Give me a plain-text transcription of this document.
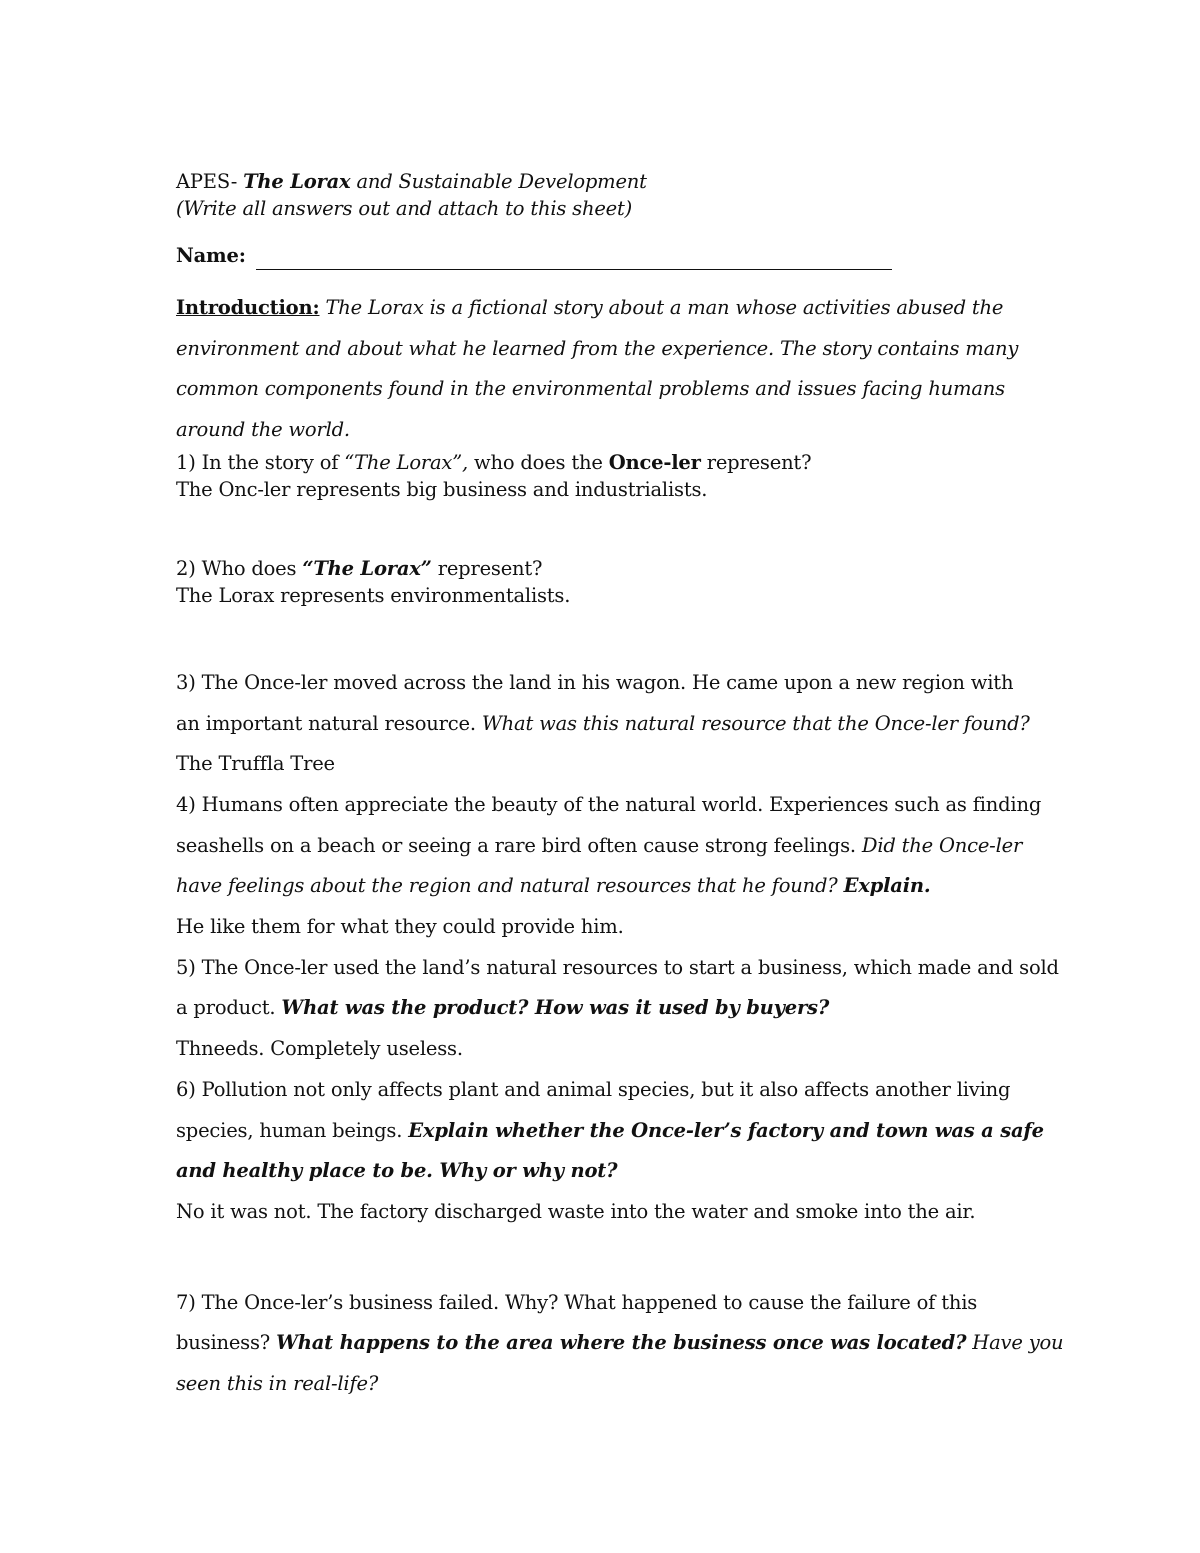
APES- The Lorax and Sustainable Development
(Write all answers out and attach to this sheet)
Name:
Introduction: The Lorax is a fictional story about a man whose activities abused the
environment and about what he learned from the experience. The story contains many
common components found in the environmental problems and issues facing humans
around the world.
1) In the story of “The Lorax”, who does the Once-ler represent?
The Onc-ler represents big business and industrialists.
2) Who does “The Lorax” represent?
The Lorax represents environmentalists.
3) The Once-ler moved across the land in his wagon. He came upon a new region with
an important natural resource. What was this natural resource that the Once-ler found?
The Truffla Tree
4) Humans often appreciate the beauty of the natural world. Experiences such as finding
seashells on a beach or seeing a rare bird often cause strong feelings. Did the Once-ler
have feelings about the region and natural resources that he found? Explain.
He like them for what they could provide him.
5) The Once-ler used the land’s natural resources to start a business, which made and sold
a product. What was the product? How was it used by buyers?
Thneeds. Completely useless.
6) Pollution not only affects plant and animal species, but it also affects another living
species, human beings. Explain whether the Once-ler’s factory and town was a safe
and healthy place to be. Why or why not?
No it was not. The factory discharged waste into the water and smoke into the air.
7) The Once-ler’s business failed. Why? What happened to cause the failure of this
business? What happens to the area where the business once was located? Have you
seen this in real-life?
